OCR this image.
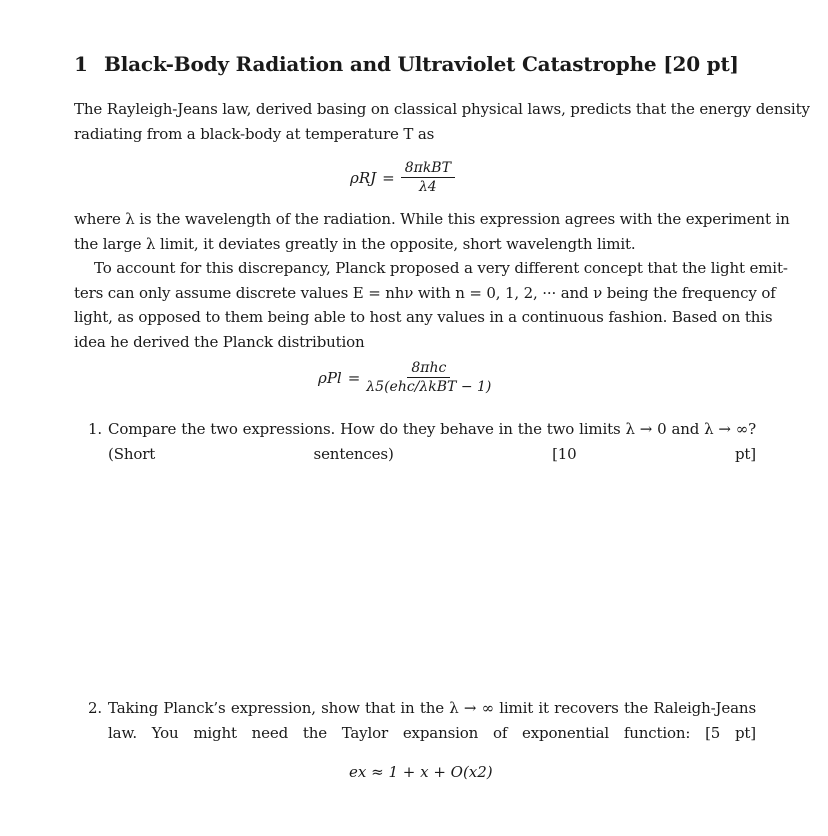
1 Black-Body Radiation and Ultraviolet Catastrophe [20 pt]
The Rayleigh-Jeans law, derived basing on classical physical laws, predicts that the energy density
radiating from a black-body at temperature T as
$\rho RJ = \frac{\text{8πkBT}}{\lambda 4}$
where λ is the wavelength of the radiation. While this expression agrees with the experiment in
the large λ limit, it deviates greatly in the opposite, short wavelength limit.
To account for this discrepancy, Planck proposed a very different concept that the light emit-
ters can only assume discrete values E = nhν with n = 0, 1, 2, ··· and ν being the frequency of
light, as opposed to them being able to host any values in a continuous fashion. Based on this
idea he derived the Planck distribution
$\rho Pl = \frac{\text{8πhc}}{\text{λ5(ehc/λkBT − 1)}}$
1. Compare the two expressions. How do they behave in the two limits λ → 0 and λ → ∞?
(Short sentences) [10 pt]
2. Taking Planck’s expression, show that in the λ → ∞ limit it recovers the Raleigh-Jeans
law. You might need the Taylor expansion of exponential function: [5 pt]
ex ≈ 1 + x + O(x2)
